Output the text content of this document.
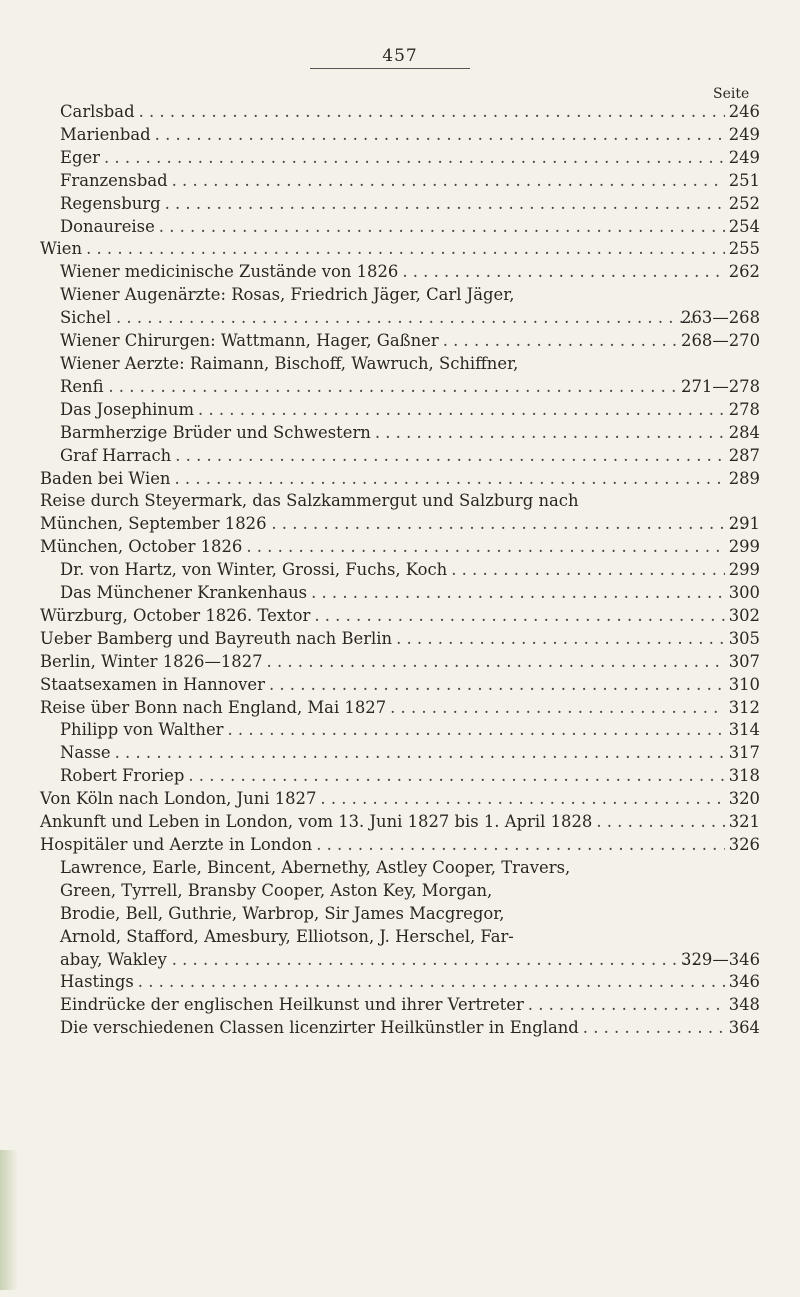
457
Seite
Carlsbad . . .	246
Marienbad . . .	249
Eger . . .	249
Franzensbad . . .	251
Regensburg . . .	252
Donaureise . . .	254
Wien . . .	255
Wiener medicinische Zustände von 1826 . . .	262
Wiener Augenärzte: Rosas, Friedrich Jäger, Carl Jäger,
Sichel . . .	263—268
Wiener Chirurgen: Wattmann, Hager, Gaßner . . .	268—270
Wiener Aerzte: Raimann, Bischoff, Wawruch, Schiffner,
Renfi . . .	271—278
Das Josephinum . . .	278
Barmherzige Brüder und Schwestern . . .	284
Graf Harrach . . .	287
Baden bei Wien . . .	289
Reise durch Steyermark, das Salzkammergut und Salzburg nach
München, September 1826 . . .	291
München, October 1826 . . .	299
Dr. von Hartz, von Winter, Grossi, Fuchs, Koch . . .	299
Das Münchener Krankenhaus . . .	300
Würzburg, October 1826. Textor . . .	302
Ueber Bamberg und Bayreuth nach Berlin . . .	305
Berlin, Winter 1826—1827 . . .	307
Staatsexamen in Hannover . . .	310
Reise über Bonn nach England, Mai 1827 . . .	312
Philipp von Walther . . .	314
Nasse . . .	317
Robert Froriep . . .	318
Von Köln nach London, Juni 1827 . . .	320
Ankunft und Leben in London, vom 13. Juni 1827 bis 1. April 1828 . . .	321
Hospitäler und Aerzte in London . . .	326
Lawrence, Earle, Bincent, Abernethy, Astley Cooper, Travers,
Green, Tyrrell, Bransby Cooper, Aston Key, Morgan,
Brodie, Bell, Guthrie, Warbrop, Sir James Macgregor,
Arnold, Stafford, Amesbury, Elliotson, J. Herschel, Far-
abay, Wakley . . .	329—346
Hastings . . .	346
Eindrücke der englischen Heilkunst und ihrer Vertreter . . .	348
Die verschiedenen Classen licenzirter Heilkünstler in England . . .	364
